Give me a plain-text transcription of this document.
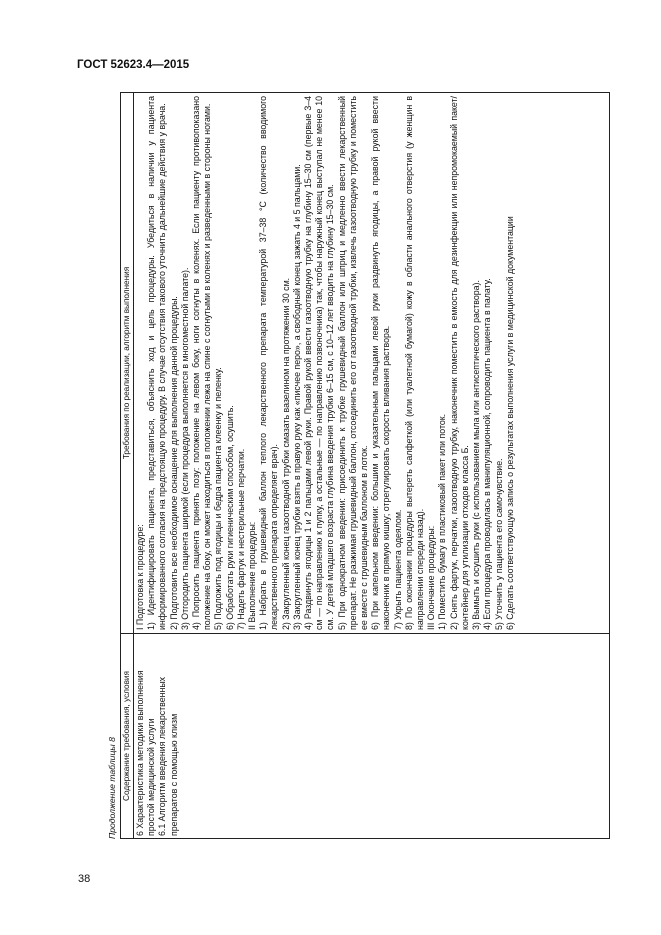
ГОСТ 52623.4—2015
Продолжение таблицы 8 Содержание требования, условия
Требования по реализации, алгоритм выполнения
6 Характеристика методики выполнения простой медицинской услуги 6.1 Алгоритм введения лекарственных препаратов с помощью клизм

I Подготовка к процедуре: 1) Идентифицировать пациента, представиться, объяснить ход и цель процедуры. Убедиться в наличии у пациента информированного согласия на предстоящую процедуру. В случае отсутствия такового уточнить дальнейшие действия у врача. 2) Подготовить все необходимое оснащение для выполнения данной процедуры. 3) Отгородить пациента ширмой (если процедура выполняется в многоместной палате). 4) Попросить пациента принять позу: положение на левом боку, ноги согнуты в коленях. Если пациенту противопоказано положение на боку, он может находиться в положении лежа на спине с согнутыми в коленях и разведенными в стороны ногами. 5) Подложить под ягодицы и бедра пациента клеенку и пеленку. 6) Обработать руки гигиеническим способом, осушить. 7) Надеть фартук и нестерильные перчатки. II Выполнение процедуры: 1) Набрать в грушевидный баллон теплого лекарственного препарата температурой 37–38 °С (количество вводимого лекарственного препарата определяет врач). 2) Закругленный конец газоотводной трубки смазать вазелином на протяжении 30 см. 3) Закругленный конец трубки взять в правую руку как «писчее перо», а свободный конец зажать 4 и 5 пальцами. 4) Раздвинуть ягодицы 1 и 2 пальцами левой руки. Правой рукой ввести газоотводную трубку на глубину 15–30 см (первые 3–4 см — по направлению к пупку, а остальные — по направлению позвоночника) так, чтобы наружный конец выступал не менее 10 см. У детей младшего возраста глубина введения трубки 6–15 см, с 10–12 лет вводить на глубину 15–30 см. 5) При однократном введении: присоединить к трубке грушевидный баллон или шприц и медленно ввести лекарственный препарат. Не разжимая грушевидный баллон, отсоединить его от газоотводной трубки, извлечь газоотводную трубку и поместить ее вместе с грушевидным баллоном в лоток. 6) При капельном введении: большим и указательным пальцами левой руки раздвинуть ягодицы, а правой рукой ввести наконечник в прямую кишку; отрегулировать скорость вливания раствора. 7) Укрыть пациента одеялом. 8) По окончании процедуры вытереть салфеткой (или туалетной бумагой) кожу в области анального отверстия (у женщин в направлении спереди назад). III Окончание процедуры: 1) Поместить бумагу в пластиковый пакет или поток. 2) Снять фартук, перчатки, газоотводную трубку, наконечник поместить в емкость для дезинфекции или непромокаемый пакет/контейнер для утилизации отходов класса Б. 3) Вымыть и осушить руки (с использованием мыла или антисептического раствора). 4) Если процедура проводилась в манипуляционной, сопроводить пациента в палату. 5) Уточнить у пациента его самочувствие. 6) Сделать соответствующую запись о результатах выполнения услуги в медицинской документации

38
